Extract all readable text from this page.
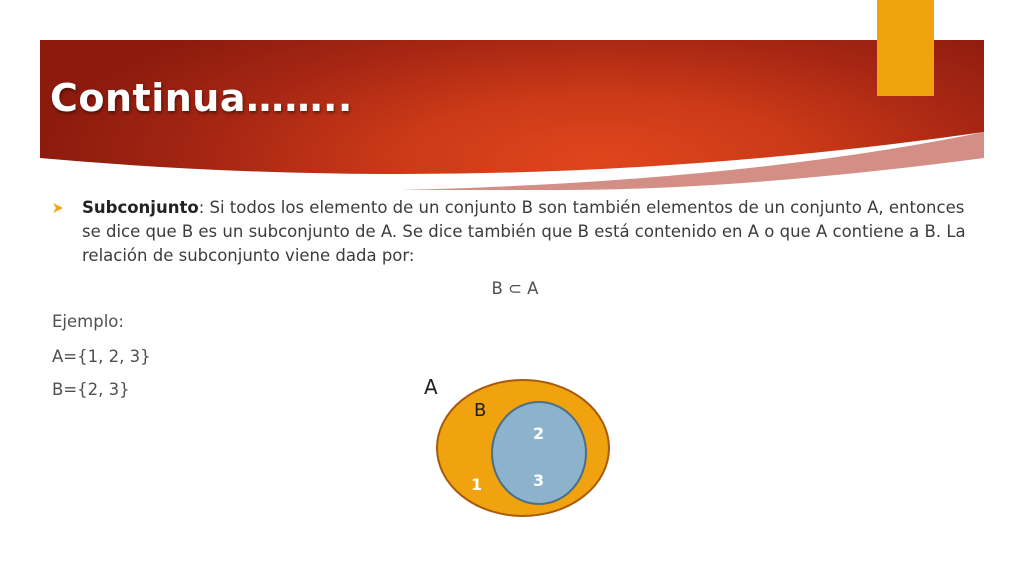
Continua……..
Subconjunto: Si todos los elemento de un conjunto B son también elementos de un conjunto A, entonces se dice que B es un subconjunto de A. Se dice también que B está contenido en A o que A contiene a B. La relación de subconjunto viene dada por:
B ⊂ A
Ejemplo:
A={1, 2, 3}
B={2, 3}	A
B
2
3
1
